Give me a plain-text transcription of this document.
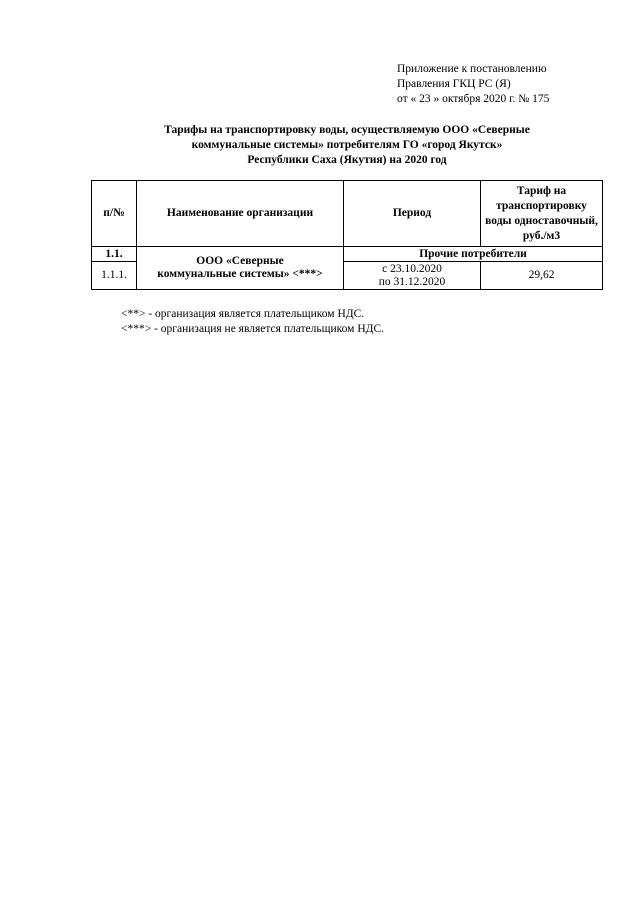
Приложение к постановлению
Правления ГКЦ РС (Я)
от « 23 » октября 2020 г. № 175
Тарифы на транспортировку воды, осуществляемую ООО «Северные
коммунальные системы» потребителям ГО «город Якутск»
Республики Саха (Якутия) на 2020 год
п/№	Наименование организации	Период	Тариф на
транспортировку
воды одноставочный,
руб./м3

1.1.	ООО «Северные
коммунальные системы» <***>	Прочие потребители	
1.1.1.		с 23.10.2020
по 31.12.2020	29,62
<**> - организация является плательщиком НДС.
<***> - организация не является плательщиком НДС.
